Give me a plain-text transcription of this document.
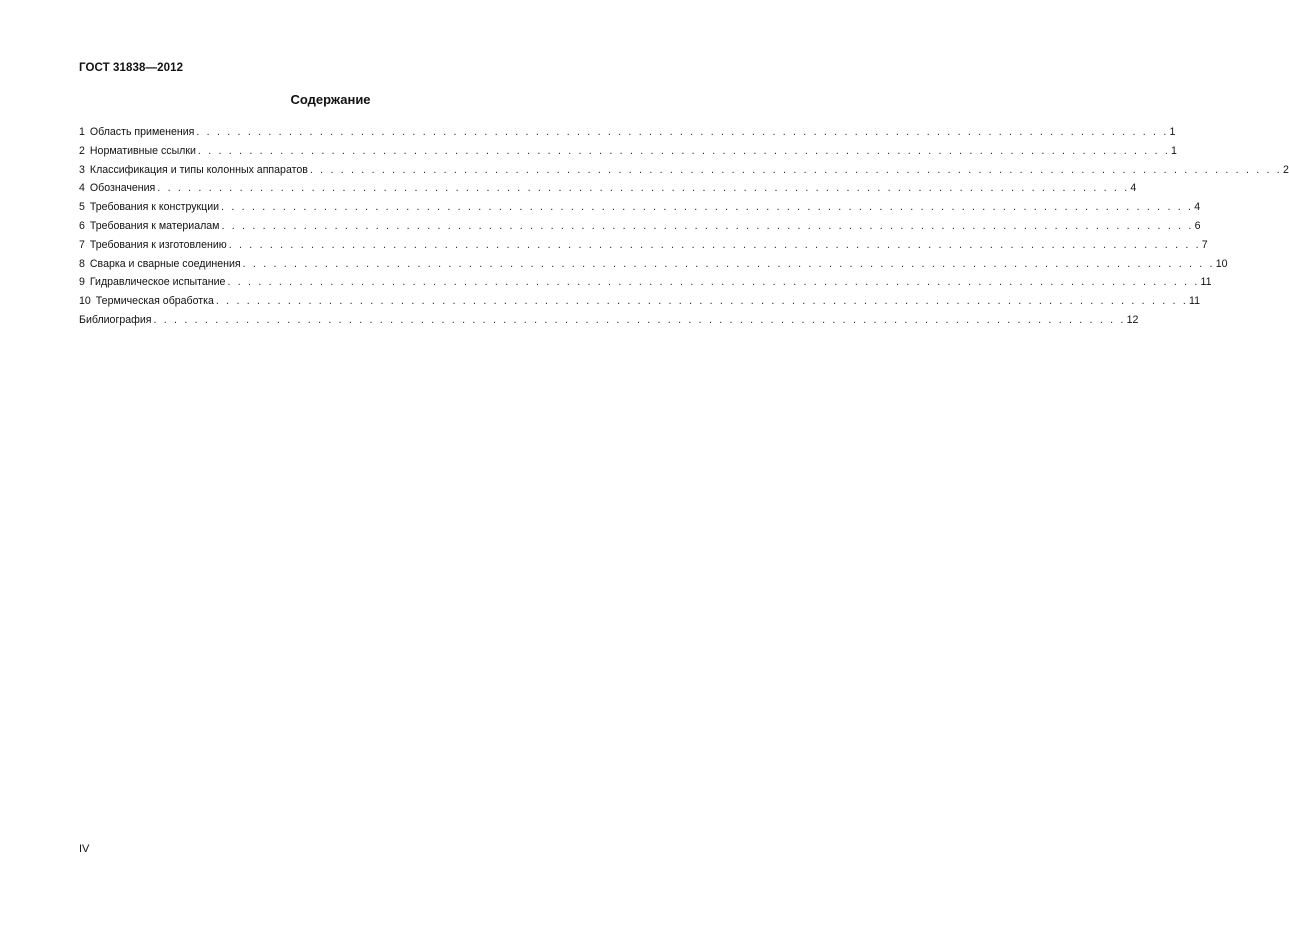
ГОСТ 31838—2012
Содержание
1 Область применения . . . . . . . . . . . . . . . . . . . . . . . . . . . . . . . . . . . . . . . . . . . . . . . . . . . . . . . . . . . . . . . . . . . . . . . . . . . . . . . . . . . . . . . . . . . . . . . 1
2 Нормативные ссылки . . . . . . . . . . . . . . . . . . . . . . . . . . . . . . . . . . . . . . . . . . . . . . . . . . . . . . . . . . . . . . . . . . . . . . . . . . . . . . . . . . . . . . . . . . . . . . . 1
3 Классификация и типы колонных аппаратов . . . . . . . . . . . . . . . . . . . . . . . . . . . . . . . . . . . . . . . . . . . . . . . . . . . . . . . . . . . . . . . . . . . . . . . . . . . . . . . . . . . . . . . . . . . . . . . 2
4 Обозначения . . . . . . . . . . . . . . . . . . . . . . . . . . . . . . . . . . . . . . . . . . . . . . . . . . . . . . . . . . . . . . . . . . . . . . . . . . . . . . . . . . . . . . . . . . . . . . . 4
5 Требования к конструкции . . . . . . . . . . . . . . . . . . . . . . . . . . . . . . . . . . . . . . . . . . . . . . . . . . . . . . . . . . . . . . . . . . . . . . . . . . . . . . . . . . . . . . . . . . . . . . . 4
6 Требования к материалам . . . . . . . . . . . . . . . . . . . . . . . . . . . . . . . . . . . . . . . . . . . . . . . . . . . . . . . . . . . . . . . . . . . . . . . . . . . . . . . . . . . . . . . . . . . . . . . 6
7 Требования к изготовлению . . . . . . . . . . . . . . . . . . . . . . . . . . . . . . . . . . . . . . . . . . . . . . . . . . . . . . . . . . . . . . . . . . . . . . . . . . . . . . . . . . . . . . . . . . . . . . . 7
8 Сварка и сварные соединения . . . . . . . . . . . . . . . . . . . . . . . . . . . . . . . . . . . . . . . . . . . . . . . . . . . . . . . . . . . . . . . . . . . . . . . . . . . . . . . . . . . . . . . . . . . . . . . 10
9 Гидравлическое испытание . . . . . . . . . . . . . . . . . . . . . . . . . . . . . . . . . . . . . . . . . . . . . . . . . . . . . . . . . . . . . . . . . . . . . . . . . . . . . . . . . . . . . . . . . . . . . . . 11
10 Термическая обработка . . . . . . . . . . . . . . . . . . . . . . . . . . . . . . . . . . . . . . . . . . . . . . . . . . . . . . . . . . . . . . . . . . . . . . . . . . . . . . . . . . . . . . . . . . . . . . . 11
Библиография . . . . . . . . . . . . . . . . . . . . . . . . . . . . . . . . . . . . . . . . . . . . . . . . . . . . . . . . . . . . . . . . . . . . . . . . . . . . . . . . . . . . . . . . . . . . . . . 12
IV
